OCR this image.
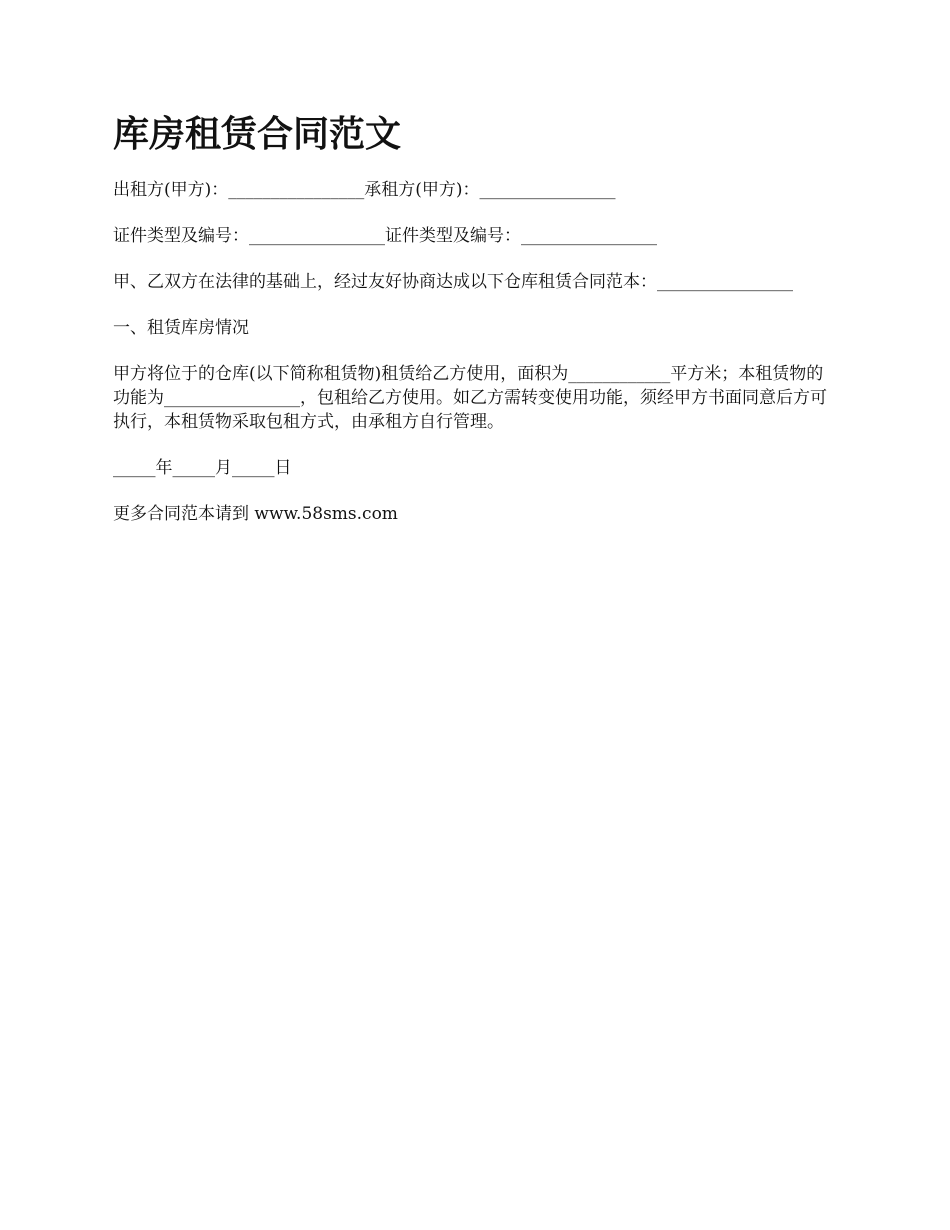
库房租赁合同范文

出租方(甲方)：________________承租方(甲方)：________________

证件类型及编号：________________证件类型及编号：________________

甲、乙双方在法律的基础上，经过友好协商达成以下仓库租赁合同范本：________________

一、租赁库房情况

甲方将位于的仓库(以下简称租赁物)租赁给乙方使用，面积为____________平方米；本租赁物的功能为________________，包租给乙方使用。如乙方需转变使用功能，须经甲方书面同意后方可执行，本租赁物采取包租方式，由承租方自行管理。

_____年_____月_____日

更多合同范本请到 www.58sms.com
